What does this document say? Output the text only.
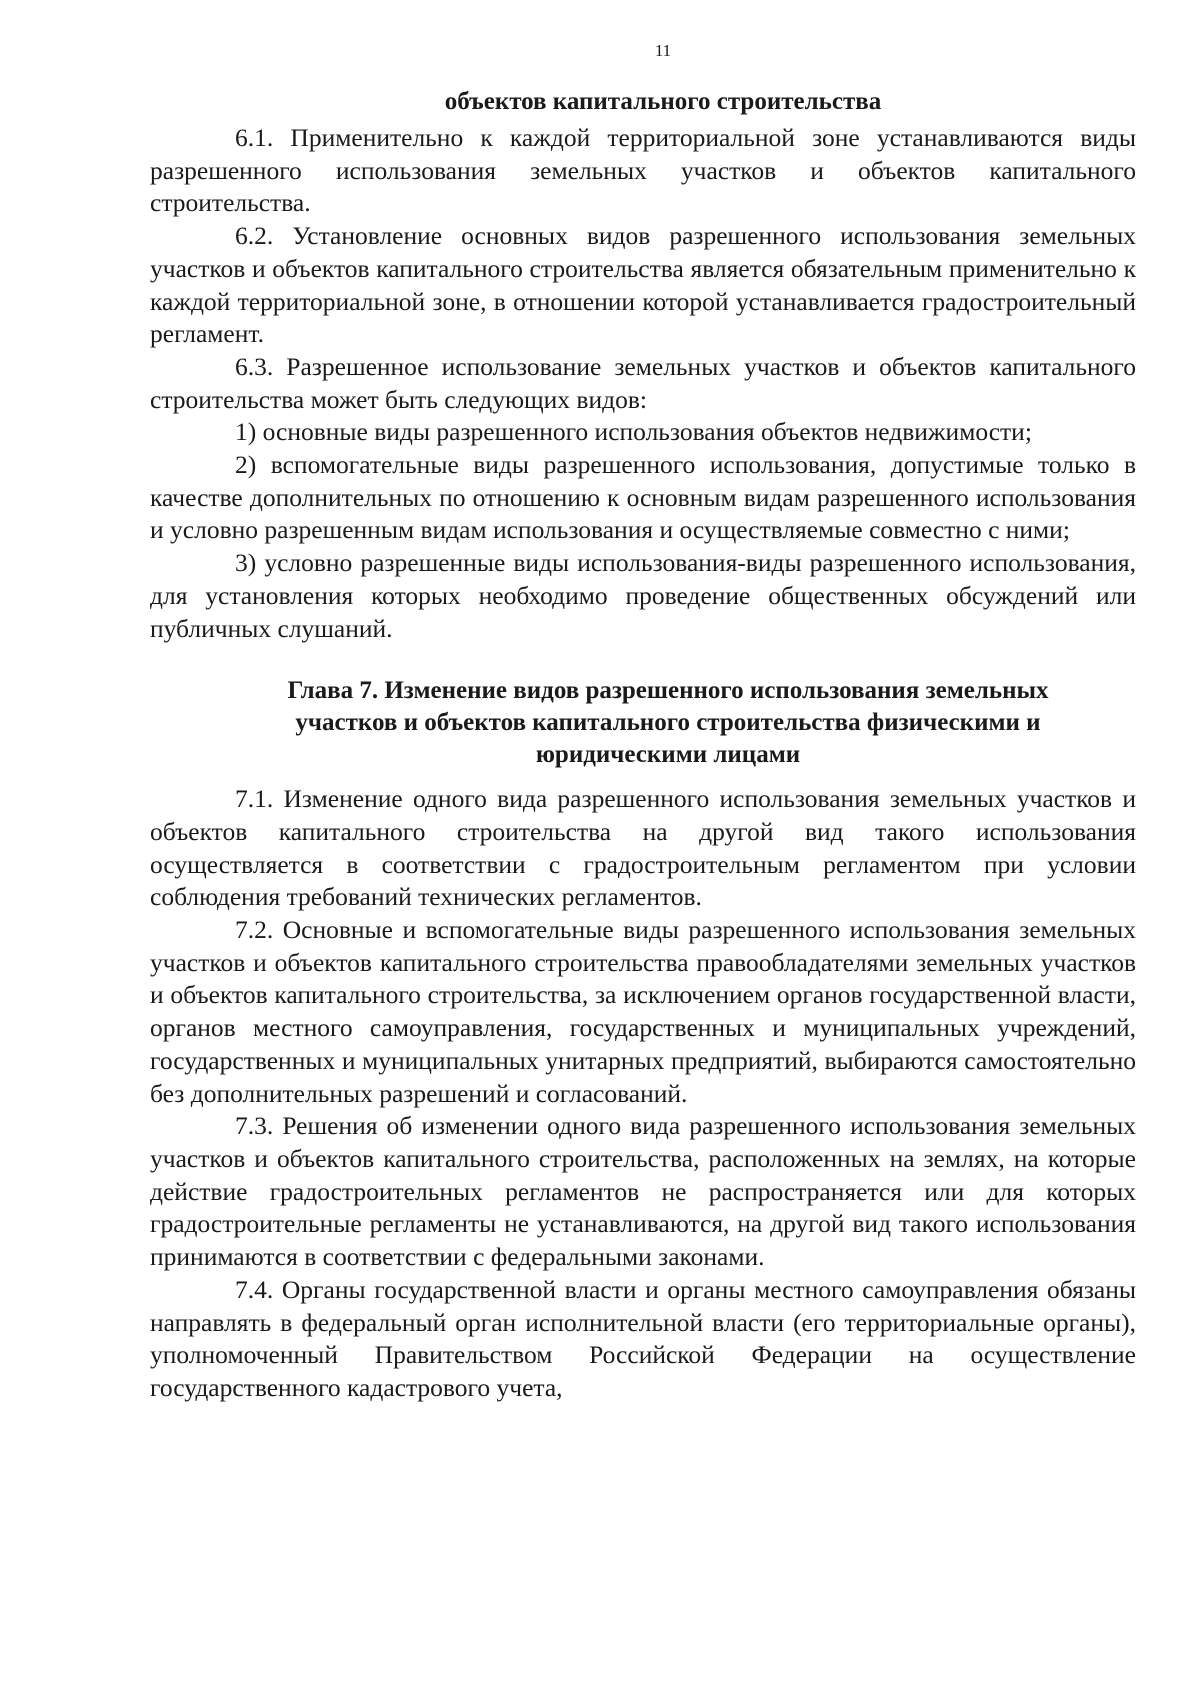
11
объектов капитального строительства

6.1. Применительно к каждой территориальной зоне устанавливаются виды разрешенного использования земельных участков и объектов капитального строительства.

6.2. Установление основных видов разрешенного использования земельных участков и объектов капитального строительства является обязательным применительно к каждой территориальной зоне, в отношении которой устанавливается градостроительный регламент.

6.3. Разрешенное использование земельных участков и объектов капитального строительства может быть следующих видов:

1) основные виды разрешенного использования объектов недвижимости;

2) вспомогательные виды разрешенного использования, допустимые только в качестве дополнительных по отношению к основным видам разрешенного использования и условно разрешенным видам использования и осуществляемые совместно с ними;

3) условно разрешенные виды использования-виды разрешенного использования, для установления которых необходимо проведение общественных обсуждений или публичных слушаний.

Глава 7. Изменение видов разрешенного использования земельных участков и объектов капитального строительства физическими и юридическими лицами

7.1. Изменение одного вида разрешенного использования земельных участков и объектов капитального строительства на другой вид такого использования осуществляется в соответствии с градостроительным регламентом при условии соблюдения требований технических регламентов.

7.2. Основные и вспомогательные виды разрешенного использования земельных участков и объектов капитального строительства правообладателями земельных участков и объектов капитального строительства, за исключением органов государственной власти, органов местного самоуправления, государственных и муниципальных учреждений, государственных и муниципальных унитарных предприятий, выбираются самостоятельно без дополнительных разрешений и согласований.

7.3. Решения об изменении одного вида разрешенного использования земельных участков и объектов капитального строительства, расположенных на землях, на которые действие градостроительных регламентов не распространяется или для которых градостроительные регламенты не устанавливаются, на другой вид такого использования принимаются в соответствии с федеральными законами.

7.4. Органы государственной власти и органы местного самоуправления обязаны направлять в федеральный орган исполнительной власти (его территориальные органы), уполномоченный Правительством Российской Федерации на осуществление государственного кадастрового учета,
